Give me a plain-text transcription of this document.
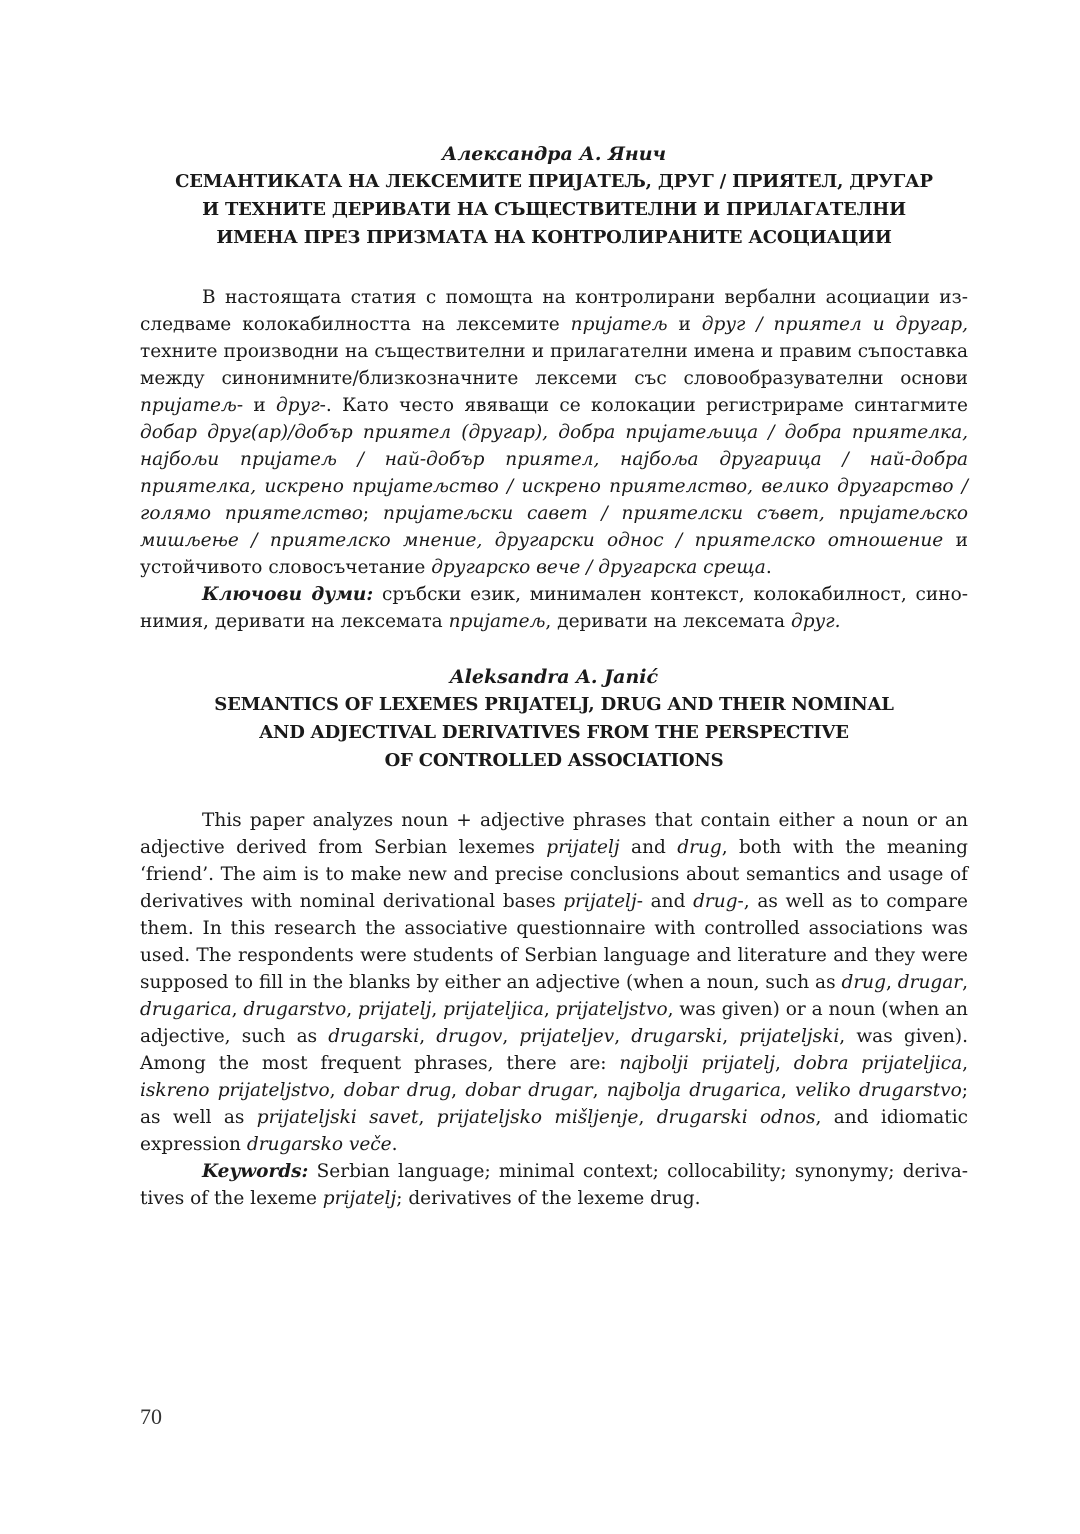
Александра А. Янич

СЕМАНТИКАТА НА ЛЕКСЕМИТЕ ПРИЈАТЕЉ, ДРУГ / ПРИЯТЕЛ, ДРУГАР
И ТЕХНИТЕ ДЕРИВАТИ НА СЪЩЕСТВИТЕЛНИ И ПРИЛАГАТЕЛНИ
ИМЕНА ПРЕЗ ПРИЗМАТА НА КОНТРОЛИРАНИТЕ АСОЦИАЦИИ

В настоящата статия с помощта на контролирани вербални асоциации изследваме колокабилността на лексемите пријатељ и друг / приятел и другар, техните производни на съществителни и прилагателни имена и правим съпоставка между синонимните/близкозначните лексеми със словообразувателни основи пријатељ- и друг-. Като често явяващи се колокации регистрираме синтагмите добар друг(ар)/добър приятел (другар), добра пријатељица / добра приятелка, најбољи пријатељ / най-добър приятел, најбоља другарица / най-добра приятелка, искрено пријатељство / искрено приятелство, велико другарство / голямо приятелство; пријатељски савет / приятелски съвет, пријатељско мишљење / приятелско мнение, другарски однос / приятелско отношение и устойчивото словосъчетание другарско вече / другарска среща.

Ключови думи: сръбски език, минимален контекст, колокабилност, синонимия, деривати на лексемата пријатељ, деривати на лексемата друг.

Aleksandra A. Janić

SEMANTICS OF LEXEMES PRIJATELJ, DRUG AND THEIR NOMINAL
AND ADJECTIVAL DERIVATIVES FROM THE PERSPECTIVE
OF CONTROLLED ASSOCIATIONS

This paper analyzes noun + adjective phrases that contain either a noun or an adjective derived from Serbian lexemes prijatelj and drug, both with the meaning ‘friend’. The aim is to make new and precise conclusions about semantics and usage of derivatives with nominal derivational bases prijatelj- and drug-, as well as to compare them. In this research the associative questionnaire with controlled associations was used. The respondents were students of Serbian language and literature and they were supposed to fill in the blanks by either an adjective (when a noun, such as drug, drugar, drugarica, drugarstvo, prijatelj, prijateljica, prijateljstvo, was given) or a noun (when an adjective, such as drugarski, drugov, prijateljev, drugarski, prijateljski, was given). Among the most frequent phrases, there are: najbolji prijatelj, dobra prijateljica, iskreno prijateljstvo, dobar drug, dobar drugar, najbolja drugarica, veliko drugarstvo; as well as prijateljski savet, prijateljsko mišljenje, drugarski odnos, and idiomatic expression drugarsko veče.

Keywords: Serbian language; minimal context; collocability; synonymy; derivatives of the lexeme prijatelj; derivatives of the lexeme drug.

70
